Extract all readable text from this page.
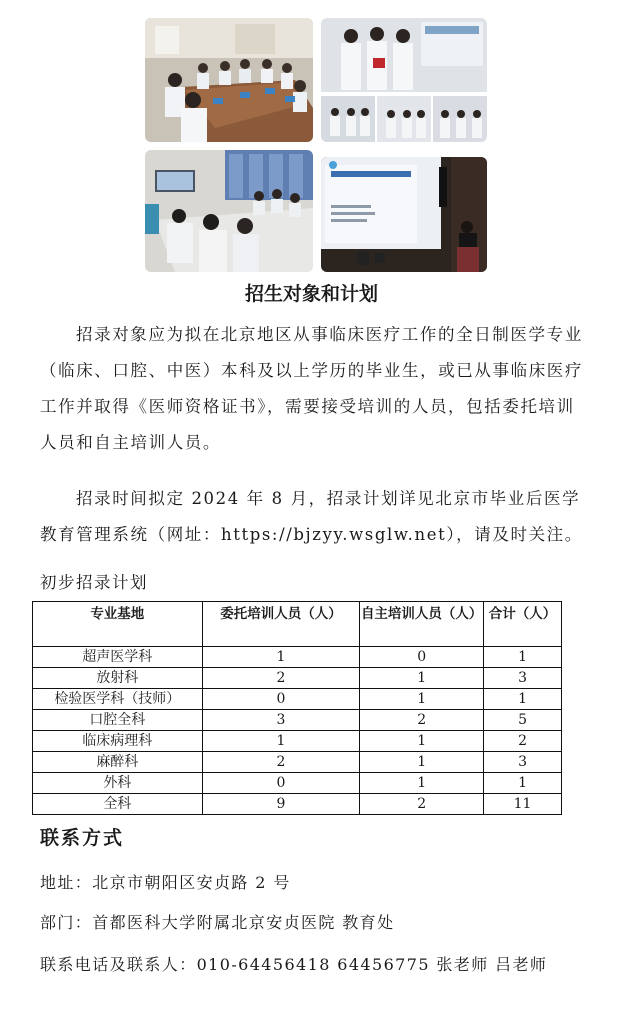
招生对象和计划

招录对象应为拟在北京地区从事临床医疗工作的全日制医学专业（临床、口腔、中医）本科及以上学历的毕业生，或已从事临床医疗工作并取得《医师资格证书》，需要接受培训的人员，包括委托培训人员和自主培训人员。

招录时间拟定 2024 年 8 月，招录计划详见北京市毕业后医学教育管理系统（网址：https://bjzyy.wsglw.net），请及时关注。

初步招录计划
专业基地	委托培训人员（人）	自主培训人员（人）	合计（人）
超声医学科	1	0	1
放射科	2	1	3
检验医学科（技师）	0	1	1
口腔全科	3	2	5
临床病理科	1	1	2
麻醉科	2	1	3
外科	0	1	1
全科	9	2	11
联系方式
地址：北京市朝阳区安贞路 2 号
部门：首都医科大学附属北京安贞医院 教育处
联系电话及联系人：010-64456418 64456775 张老师 吕老师
